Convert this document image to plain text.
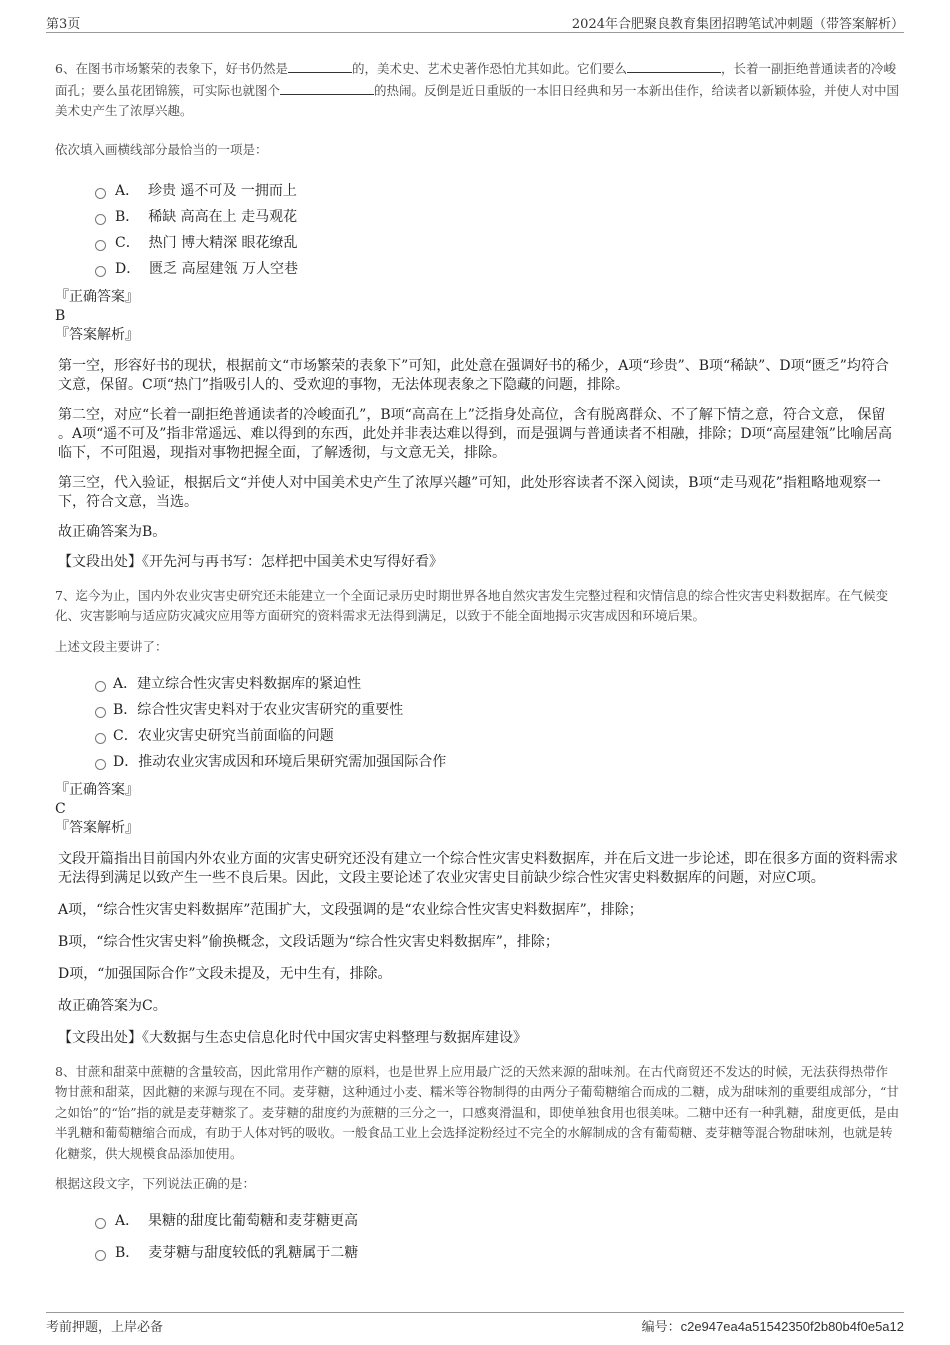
第3页	2024年合肥聚良教育集团招聘笔试冲刺题（带答案解析）

6、在图书市场繁荣的表象下，好书仍然是	的，美术史、艺术史著作恐怕尤其如此。它们要么	，长着一副拒绝普通读者的冷峻面孔；要么虽花团锦簇，可实际也就图个	的热闹。反倒是近日重版的一本旧日经典和另一本新出佳作，给读者以新颖体验，并使人对中国美术史产生了浓厚兴趣。

依次填入画横线部分最恰当的一项是：

A． 珍贵 遥不可及 一拥而上
B． 稀缺 高高在上 走马观花
C． 热门 博大精深 眼花缭乱
D． 匮乏 高屋建瓴 万人空巷

『正确答案』

B

『答案解析』

第一空，形容好书的现状，根据前文“市场繁荣的表象下”可知，此处意在强调好书的稀少，A项“珍贵”、B项“稀缺”、D项“匮乏”均符合文意，保留。C项“热门”指吸引人的、受欢迎的事物，无法体现表象之下隐藏的问题，排除。

第二空，对应“长着一副拒绝普通读者的冷峻面孔”，B项“高高在上”泛指身处高位，含有脱离群众、不了解下情之意，符合文意， 保留 。A项“遥不可及”指非常遥远、难以得到的东西，此处并非表达难以得到，而是强调与普通读者不相融，排除；D项“高屋建瓴”比喻居高临下，不可阻遏，现指对事物把握全面，了解透彻，与文意无关，排除。

第三空，代入验证，根据后文“并使人对中国美术史产生了浓厚兴趣”可知，此处形容读者不深入阅读，B项“走马观花”指粗略地观察一下，符合文意，当选。

故正确答案为B。

【文段出处】《开先河与再书写：怎样把中国美术史写得好看》

7、迄今为止，国内外农业灾害史研究还未能建立一个全面记录历史时期世界各地自然灾害发生完整过程和灾情信息的综合性灾害史料数据库。在气候变化、灾害影响与适应防灾减灾应用等方面研究的资料需求无法得到满足，以致于不能全面地揭示灾害成因和环境后果。

上述文段主要讲了：

A．建立综合性灾害史料数据库的紧迫性
B．综合性灾害史料对于农业灾害研究的重要性
C．农业灾害史研究当前面临的问题
D．推动农业灾害成因和环境后果研究需加强国际合作

『正确答案』

C

『答案解析』

文段开篇指出目前国内外农业方面的灾害史研究还没有建立一个综合性灾害史料数据库，并在后文进一步论述，即在很多方面的资料需求无法得到满足以致产生一些不良后果。因此，文段主要论述了农业灾害史目前缺少综合性灾害史料数据库的问题，对应C项。

A项，“综合性灾害史料数据库”范围扩大，文段强调的是“农业综合性灾害史料数据库”，排除；

B项，“综合性灾害史料”偷换概念，文段话题为“综合性灾害史料数据库”，排除；

D项，“加强国际合作”文段未提及，无中生有，排除。

故正确答案为C。

【文段出处】《大数据与生态史信息化时代中国灾害史料整理与数据库建设》

8、甘蔗和甜菜中蔗糖的含量较高，因此常用作产糖的原料，也是世界上应用最广泛的天然来源的甜味剂。在古代商贸还不发达的时候，无法获得热带作物甘蔗和甜菜，因此糖的来源与现在不同。麦芽糖，这种通过小麦、糯米等谷物制得的由两分子葡萄糖缩合而成的二糖，成为甜味剂的重要组成部分，“甘之如饴”的“饴”指的就是麦芽糖浆了。麦芽糖的甜度约为蔗糖的三分之一，口感爽滑温和，即使单独食用也很美味。二糖中还有一种乳糖，甜度更低，是由半乳糖和葡萄糖缩合而成，有助于人体对钙的吸收。一般食品工业上会选择淀粉经过不完全的水解制成的含有葡萄糖、麦芽糖等混合物甜味剂，也就是转化糖浆，供大规模食品添加使用。

根据这段文字，下列说法正确的是：

A． 果糖的甜度比葡萄糖和麦芽糖更高
B． 麦芽糖与甜度较低的乳糖属于二糖
考前押题，上岸必备	编号：c2e947ea4a51542350f2b80b4f0e5a12
